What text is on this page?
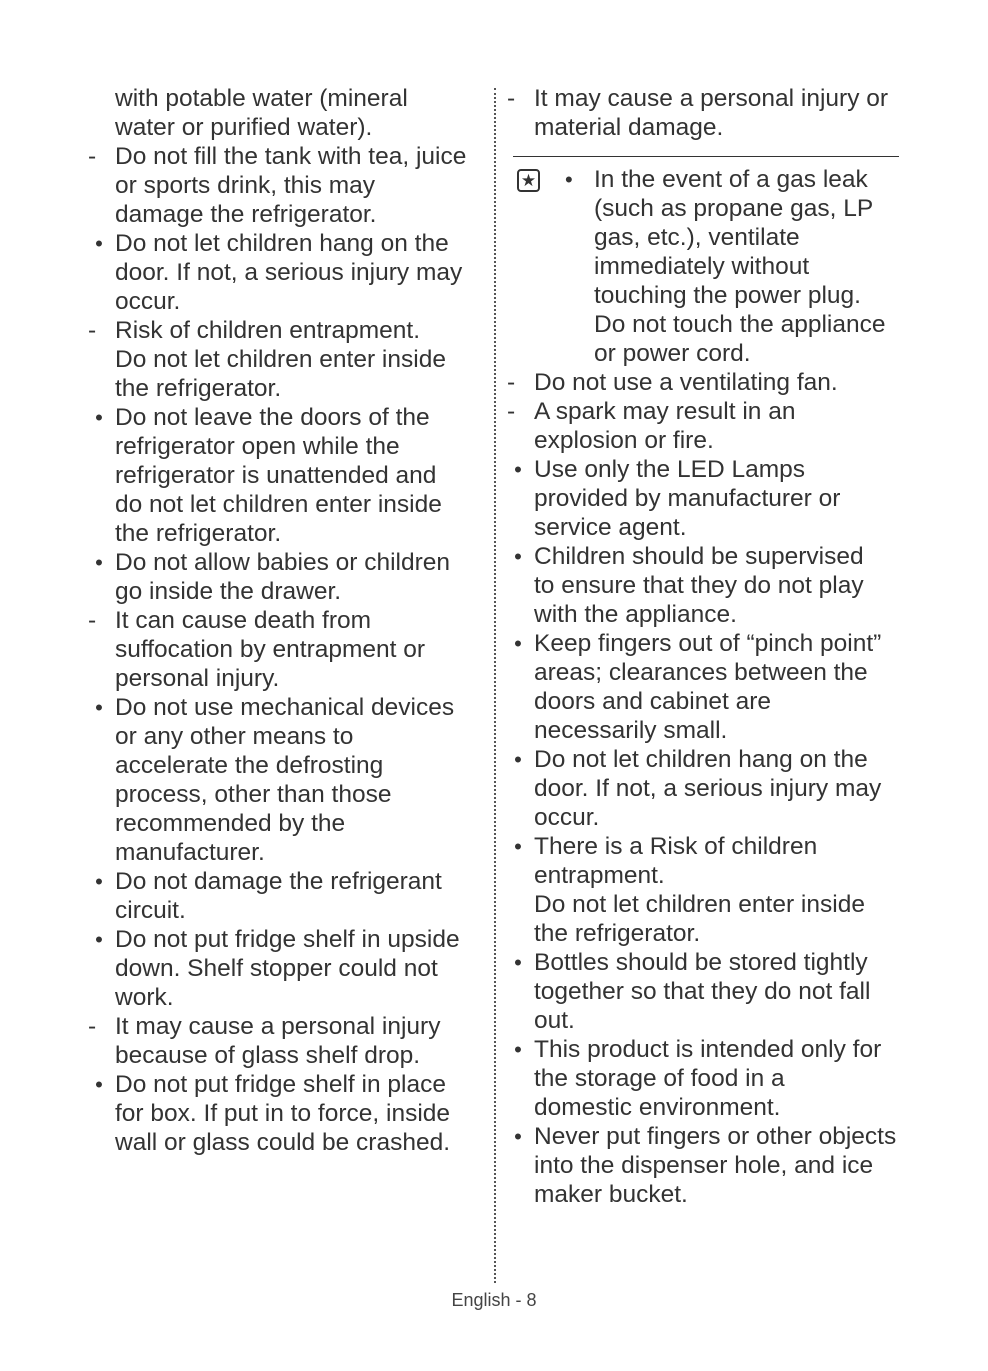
with potable water (mineral
water or purified water).
- Do not fill the tank with tea, juice
or sports drink, this may
damage the refrigerator.
• Do not let children hang on the
door. If not, a serious injury may
occur.
- Risk of children entrapment.
Do not let children enter inside
the refrigerator.
• Do not leave the doors of the
refrigerator open while the
refrigerator is unattended and
do not let children enter inside
the refrigerator.
• Do not allow babies or children
go inside the drawer.
- It can cause death from
suffocation by entrapment or
personal injury.
• Do not use mechanical devices
or any other means to
accelerate the defrosting
process, other than those
recommended by the
manufacturer.
• Do not damage the refrigerant
circuit.
• Do not put fridge shelf in upside
down. Shelf stopper could not
work.
- It may cause a personal injury
because of glass shelf drop.
• Do not put fridge shelf in place
for box. If put in to force, inside
wall or glass could be crashed.
- It may cause a personal injury or
material damage.
★ • In the event of a gas leak
(such as propane gas, LP
gas, etc.), ventilate
immediately without
touching the power plug.
Do not touch the appliance
or power cord.
- Do not use a ventilating fan.
- A spark may result in an
explosion or fire.
• Use only the LED Lamps
provided by manufacturer or
service agent.
• Children should be supervised
to ensure that they do not play
with the appliance.
• Keep fingers out of “pinch point”
areas; clearances between the
doors and cabinet are
necessarily small.
• Do not let children hang on the
door. If not, a serious injury may
occur.
• There is a Risk of children
entrapment.
Do not let children enter inside
the refrigerator.
• Bottles should be stored tightly
together so that they do not fall
out.
• This product is intended only for
the storage of food in a
domestic environment.
• Never put fingers or other objects
into the dispenser hole, and ice
maker bucket.
English - 8
